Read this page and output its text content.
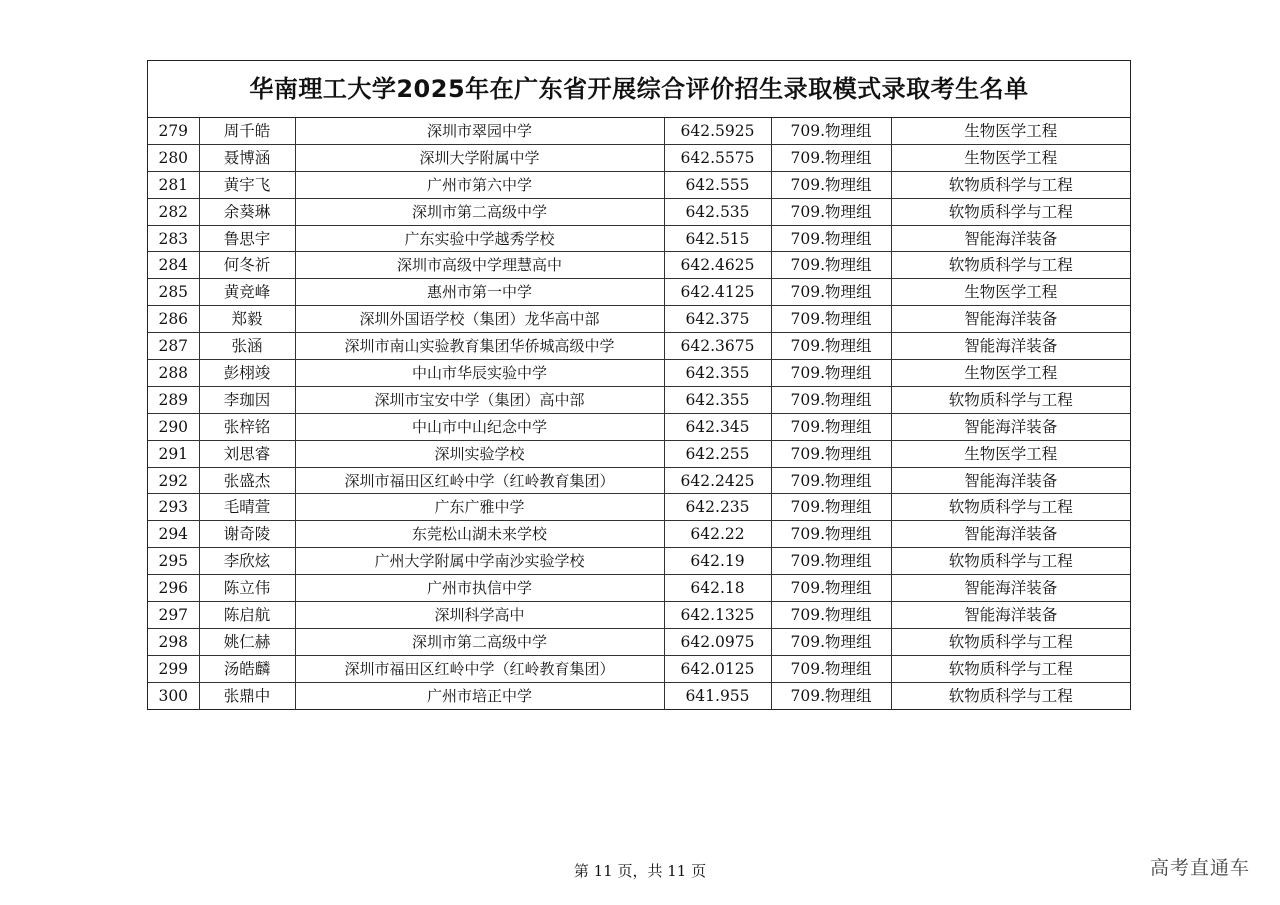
华南理工大学2025年在广东省开展综合评价招生录取模式录取考生名单
279	周千皓	深圳市翠园中学	642.5925	709.物理组	生物医学工程
280	聂博涵	深圳大学附属中学	642.5575	709.物理组	生物医学工程
281	黄宇飞	广州市第六中学	642.555	709.物理组	软物质科学与工程
282	余葵琳	深圳市第二高级中学	642.535	709.物理组	软物质科学与工程
283	鲁思宇	广东实验中学越秀学校	642.515	709.物理组	智能海洋装备
284	何冬祈	深圳市高级中学理慧高中	642.4625	709.物理组	软物质科学与工程
285	黄竞峰	惠州市第一中学	642.4125	709.物理组	生物医学工程
286	郑毅	深圳外国语学校（集团）龙华高中部	642.375	709.物理组	智能海洋装备
287	张涵	深圳市南山实验教育集团华侨城高级中学	642.3675	709.物理组	智能海洋装备
288	彭栩竣	中山市华辰实验中学	642.355	709.物理组	生物医学工程
289	李珈因	深圳市宝安中学（集团）高中部	642.355	709.物理组	软物质科学与工程
290	张梓铭	中山市中山纪念中学	642.345	709.物理组	智能海洋装备
291	刘思睿	深圳实验学校	642.255	709.物理组	生物医学工程
292	张盛杰	深圳市福田区红岭中学（红岭教育集团）	642.2425	709.物理组	智能海洋装备
293	毛晴萱	广东广雅中学	642.235	709.物理组	软物质科学与工程
294	谢奇陵	东莞松山湖未来学校	642.22	709.物理组	智能海洋装备
295	李欣炫	广州大学附属中学南沙实验学校	642.19	709.物理组	软物质科学与工程
296	陈立伟	广州市执信中学	642.18	709.物理组	智能海洋装备
297	陈启航	深圳科学高中	642.1325	709.物理组	智能海洋装备
298	姚仁赫	深圳市第二高级中学	642.0975	709.物理组	软物质科学与工程
299	汤皓麟	深圳市福田区红岭中学（红岭教育集团）	642.0125	709.物理组	软物质科学与工程
300	张鼎中	广州市培正中学	641.955	709.物理组	软物质科学与工程
第 11 页，共 11 页	高考直通车
